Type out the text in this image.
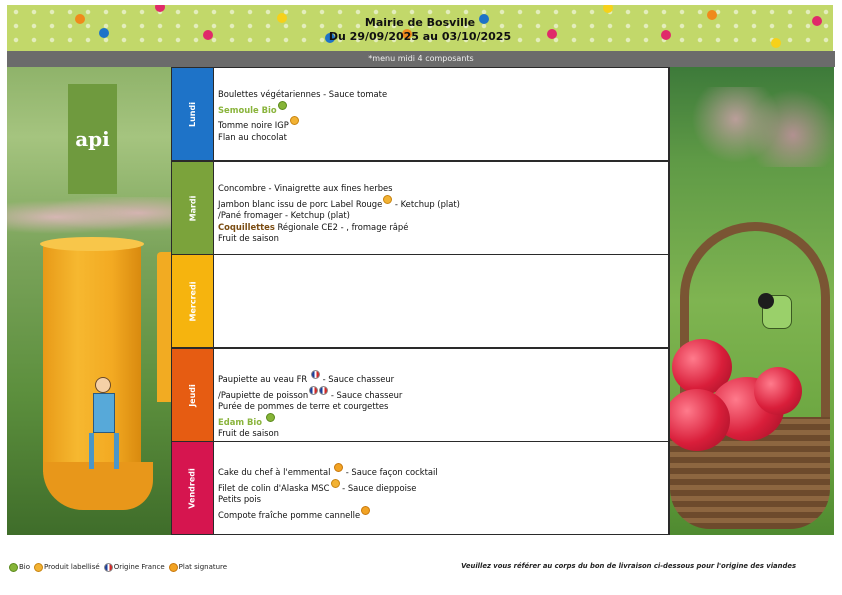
Mairie de Bosville
Du 29/09/2025 au 03/10/2025
*menu midi 4 composants
api
Lundi
Boulettes végétariennes - Sauce tomate
Semoule Bio
Tomme noire IGP
Flan au chocolat
Mardi
Concombre - Vinaigrette aux fines herbes
Jambon blanc issu de porc Label Rouge - Ketchup (plat)
/Pané fromager - Ketchup (plat)
Coquillettes Régionale CE2 - , fromage râpé
Fruit de saison
Mercredi
Jeudi
Paupiette au veau FR  - Sauce chasseur
/Paupiette de poisson - Sauce chasseur
Purée de pommes de terre et courgettes
Edam Bio
Fruit de saison
Vendredi	Cake du chef à l'emmental  - Sauce façon cocktail
Filet de colin d'Alaska MSC - Sauce dieppoise
Petits pois
Compote fraîche pomme cannelle
Bio Produit labellisé Origine France Plat signature	Veuillez vous référer au corps du bon de livraison ci-dessous pour l'origine des viandes
